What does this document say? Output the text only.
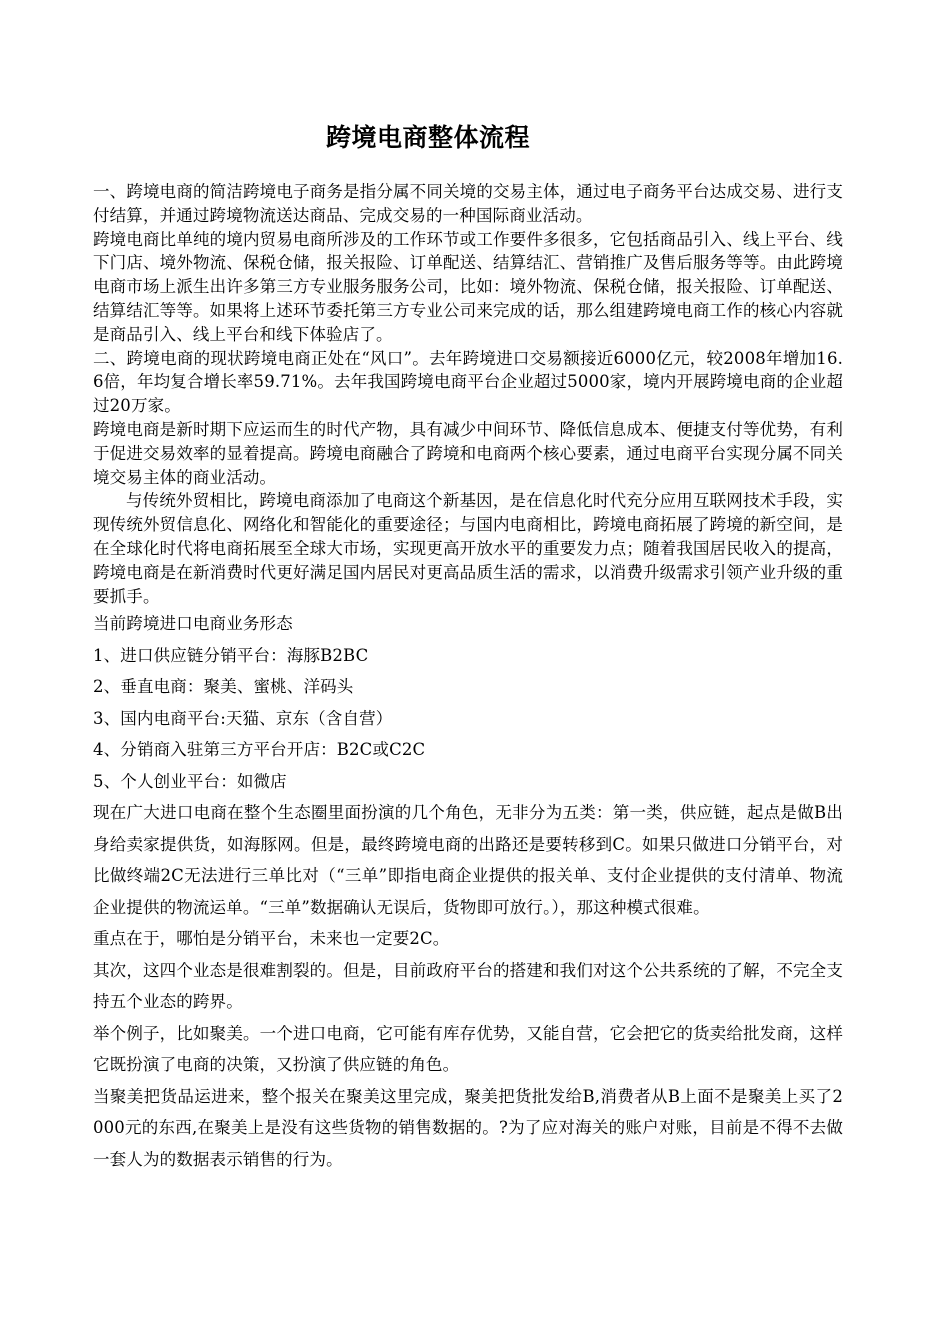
跨境电商整体流程

一、跨境电商的简洁跨境电子商务是指分属不同关境的交易主体，通过电子商务平台达成交易、进行支付结算，并通过跨境物流送达商品、完成交易的一种国际商业活动。

跨境电商比单纯的境内贸易电商所涉及的工作环节或工作要件多很多，它包括商品引入、线上平台、线下门店、境外物流、保税仓储，报关报险、订单配送、结算结汇、营销推广及售后服务等等。由此跨境电商市场上派生出许多第三方专业服务服务公司，比如：境外物流、保税仓储，报关报险、订单配送、结算结汇等等。如果将上述环节委托第三方专业公司来完成的话，那么组建跨境电商工作的核心内容就是商品引入、线上平台和线下体验店了。

二、跨境电商的现状跨境电商正处在“风口”。去年跨境进口交易额接近6000亿元，较2008年增加16.6倍，年均复合增长率59.71%。去年我国跨境电商平台企业超过5000家，境内开展跨境电商的企业超过20万家。

跨境电商是新时期下应运而生的时代产物，具有减少中间环节、降低信息成本、便捷支付等优势，有利于促进交易效率的显着提高。跨境电商融合了跨境和电商两个核心要素，通过电商平台实现分属不同关境交易主体的商业活动。

与传统外贸相比，跨境电商添加了电商这个新基因，是在信息化时代充分应用互联网技术手段，实现传统外贸信息化、网络化和智能化的重要途径；与国内电商相比，跨境电商拓展了跨境的新空间，是在全球化时代将电商拓展至全球大市场，实现更高开放水平的重要发力点；随着我国居民收入的提高，跨境电商是在新消费时代更好满足国内居民对更高品质生活的需求，以消费升级需求引领产业升级的重要抓手。

当前跨境进口电商业务形态

1、进口供应链分销平台：海豚B2BC

2、垂直电商：聚美、蜜桃、洋码头

3、国内电商平台:天猫、京东（含自营）

4、分销商入驻第三方平台开店：B2C或C2C

5、个人创业平台：如微店

现在广大进口电商在整个生态圈里面扮演的几个角色，无非分为五类：第一类，供应链，起点是做B出身给卖家提供货，如海豚网。但是，最终跨境电商的出路还是要转移到C。如果只做进口分销平台，对比做终端2C无法进行三单比对（“三单”即指电商企业提供的报关单、支付企业提供的支付清单、物流企业提供的物流运单。“三单”数据确认无误后，货物即可放行。），那这种模式很难。

重点在于，哪怕是分销平台，未来也一定要2C。

其次，这四个业态是很难割裂的。但是，目前政府平台的搭建和我们对这个公共系统的了解，不完全支持五个业态的跨界。

举个例子，比如聚美。一个进口电商，它可能有库存优势，又能自营，它会把它的货卖给批发商，这样它既扮演了电商的决策，又扮演了供应链的角色。

当聚美把货品运进来，整个报关在聚美这里完成，聚美把货批发给B,消费者从B上面不是聚美上买了2000元的东西,在聚美上是没有这些货物的销售数据的。?为了应对海关的账户对账，目前是不得不去做一套人为的数据表示销售的行为。
